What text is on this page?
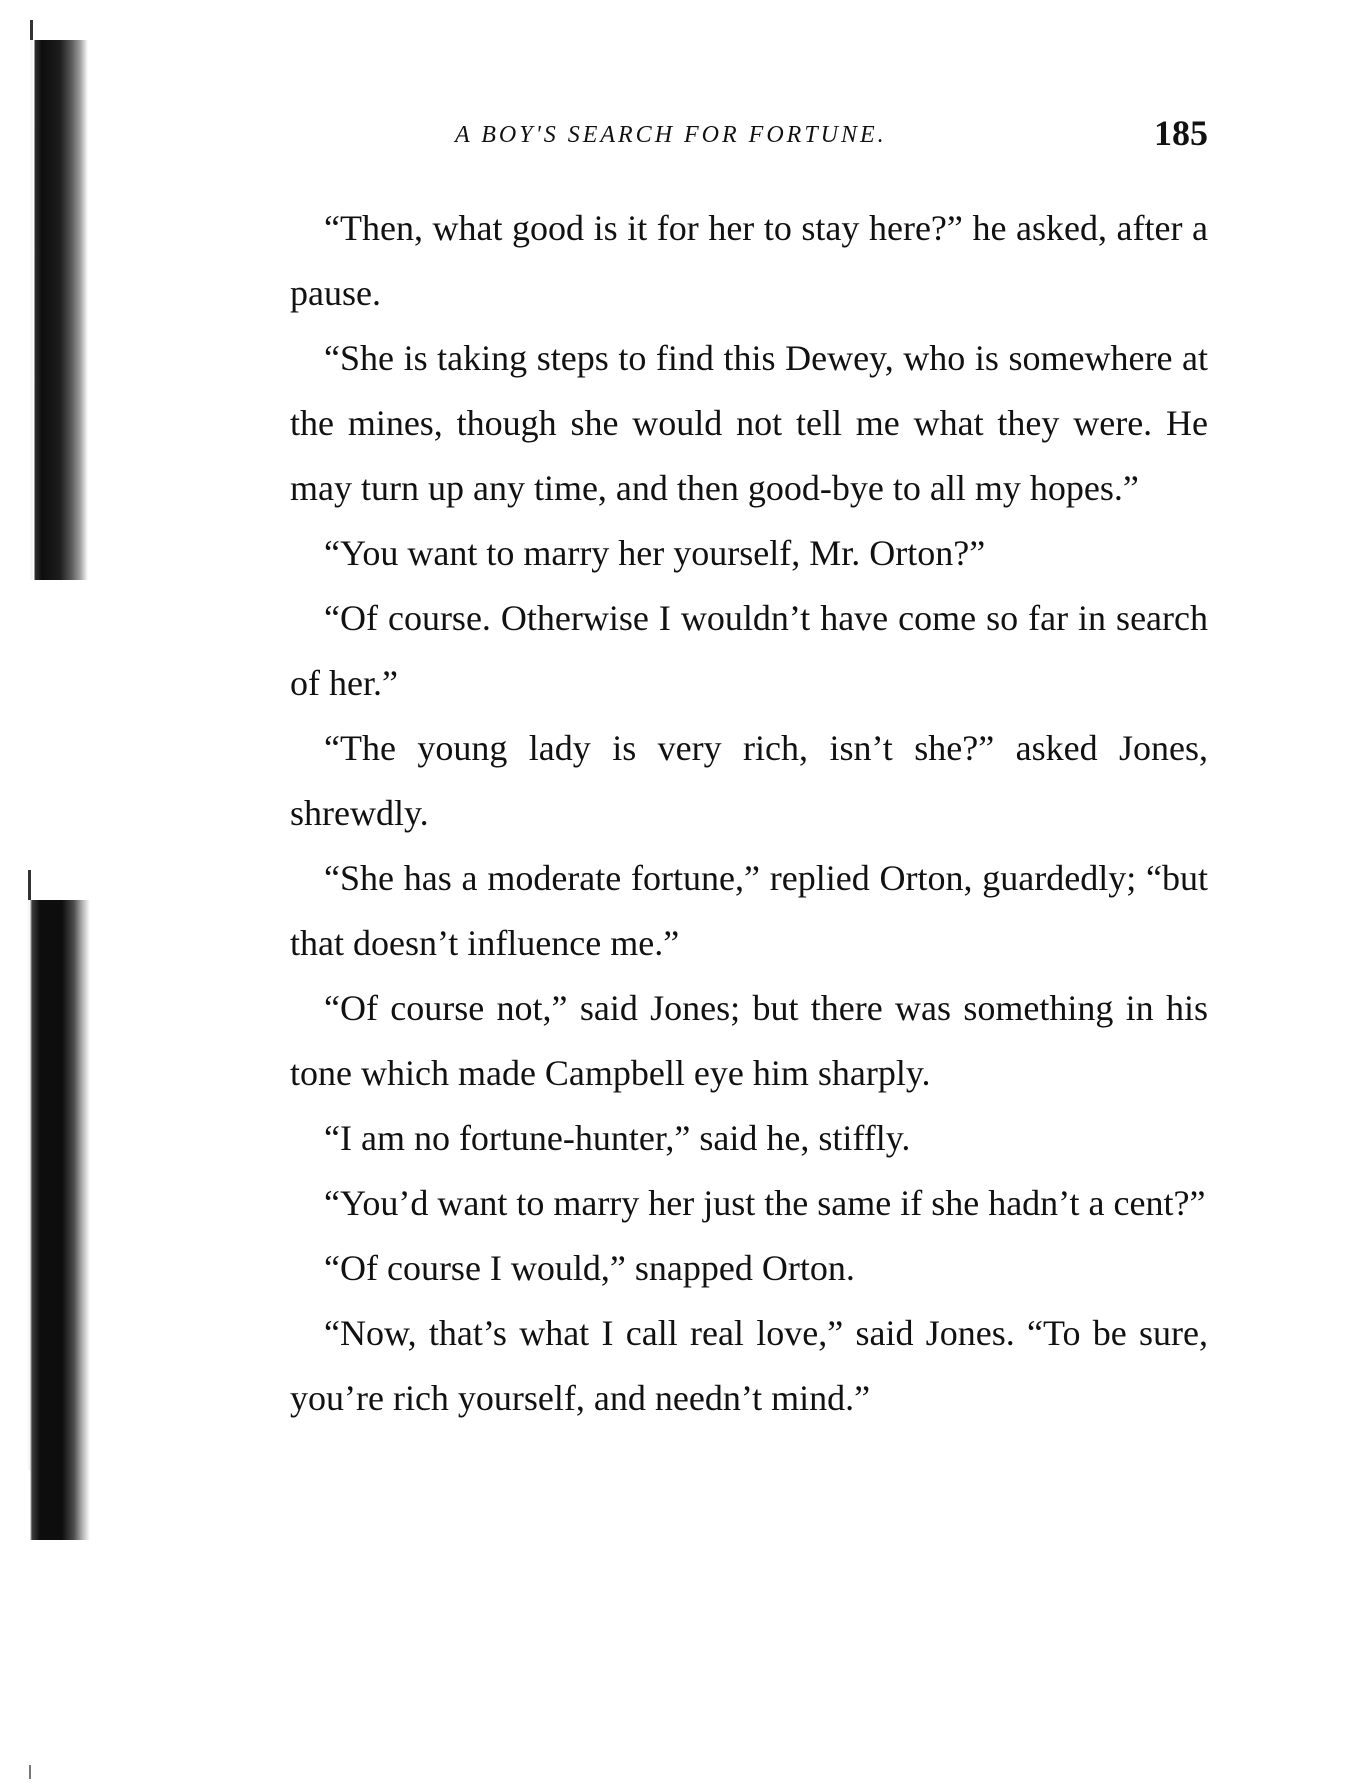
A BOY'S SEARCH FOR FORTUNE.	185

“Then, what good is it for her to stay here?” he asked, after a pause.

“She is taking steps to find this Dewey, who is somewhere at the mines, though she would not tell me what they were. He may turn up any time, and then good-bye to all my hopes.”

“You want to marry her yourself, Mr. Orton?”

“Of course. Otherwise I wouldn’t have come so far in search of her.”

“The young lady is very rich, isn’t she?” asked Jones, shrewdly.

“She has a moderate fortune,” replied Orton, guardedly; “but that doesn’t influence me.”

“Of course not,” said Jones; but there was something in his tone which made Campbell eye him sharply.

“I am no fortune-hunter,” said he, stiffly.

“You’d want to marry her just the same if she hadn’t a cent?”

“Of course I would,” snapped Orton.

“Now, that’s what I call real love,” said Jones. “To be sure, you’re rich yourself, and needn’t mind.”
